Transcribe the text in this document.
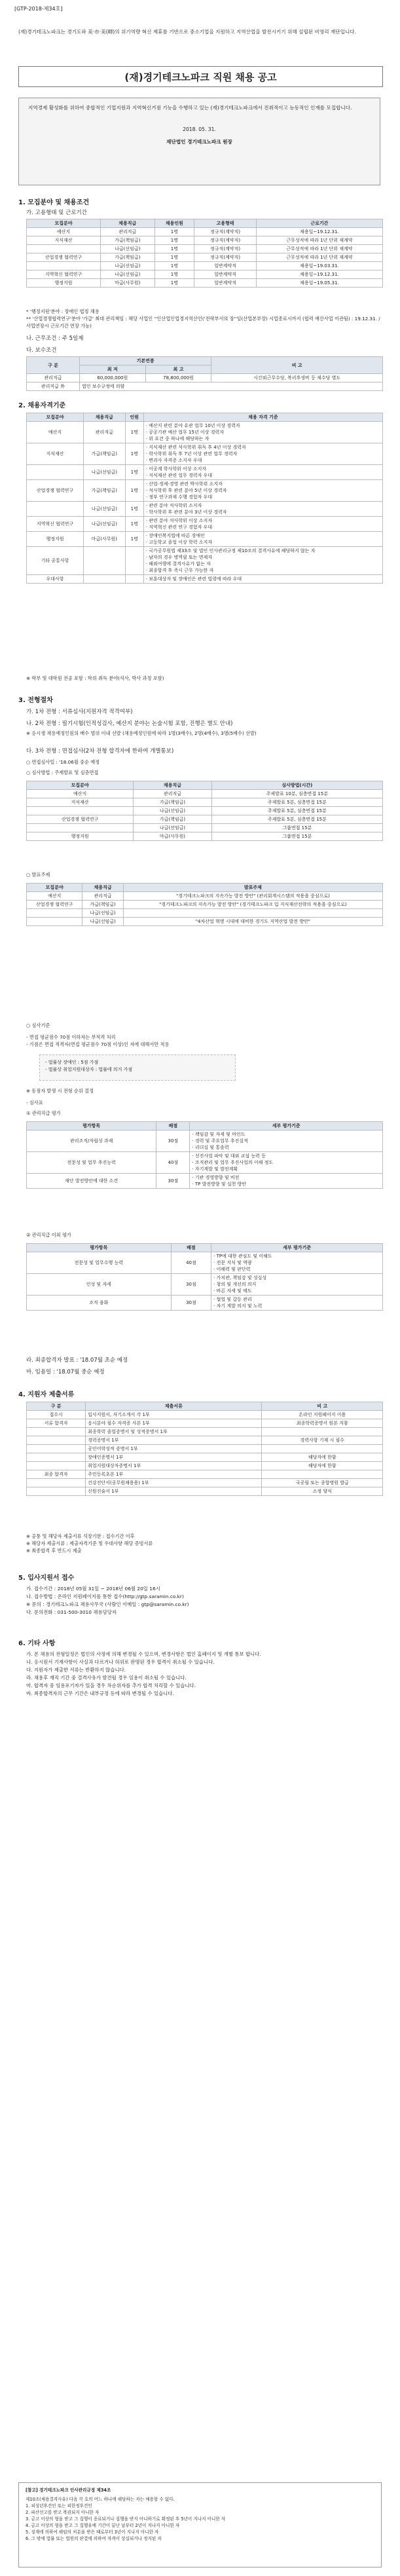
[GTP-2018-제34호]
(재)경기테크노파크는 경기도와 美·市·美(卿)의 위기역량 혁신 제휴를 기반으로 중소기업을 지원하고 지역산업을 발전시키기 위해 설립된 비영리 재단입니다.
(재)경기테크노파크 직원 채용 공고
지역경제 활성화를 위하여 중합적인 기업지원과 지역혁신거점 기능을 수행하고 있는 (재)경기테크노파크에서 진취적이고 능동적인 인재를 모집합니다.
2018. 05. 31.
재단법인 경기테크노파크 원장
1. 모집분야 및 채용조건
가. 고용형태 및 근로기간
모집분야	채용직급	채용인원	고용형태	근로기간
예산지	관리직급	1명	정규직(계약직)	채용일~19.12.31.
지식재산	가급(책임급)	1명	정규직(계약직)	근무성적에 따라 1년 단위 재계약
	나급(선임급)	1명	정규직(계약직)	근무성적에 따라 1년 단위 재계약
산업경쟁 협력연구	가급(책임급)	1명	정규직(계약직)	근무성적에 따라 1년 단위 재계약
	나급(선임급)	1명	일반계약직	채용일~19.03.31.
지역혁신 협력연구	나급(선임급)	1명	일반계약직	채용일~19.12.31.
행정지원	마급(사무원)	1명	일반계약직	채용일~19.05.31.
* '행정지원'분야 : 장애인 법정 채용
** '산업경쟁협력연구'분야 '가급' 최대 관리책임 : 해당 사업인 ''인산업인업경지역산인('전략부서의 장''임(산업본부장) 시업종료시까지 (협력 예산사업 이관됨) : 19.12.31. / 사업연장시 근로기간 연장 가능)
나. 근무조건 : 주 5일제
다. 보수조건
구 분	기본연봉		비 고
	최 저	최 고	
관리직급	60,000,000원	78,800,000원	시간외근무수당, 복리후생비 등 제수당 별도
관리직급 外	법인 보수규정에 의함		
2. 채용자격기준
모집분야	채용직급	인원	채용 자격 기준
예산지	관리직급	1명	· 예산지 관련 분야 유관 업무 10년 이상 경력자
· 공공기관 예산 업무 15년 이상 경력자
· 위 요건 중 하나에 해당하는 자
지식재산	가급(책임급)	1명	· 지식재산 관련 석사학위 취득 후 4년 이상 경력자
· 학사학위 취득 후 7년 이상 관련 업무 경력자
· 변리사 자격증 소지자 우대
	나급(선임급)	1명	· 이공계 학사학위 이상 소지자
· 지식재산 관련 업무 경력자 우대
산업경쟁 협력연구	가급(책임급)	1명	· 산업·경제·경영 관련 박사학위 소지자
· 석사학위 후 관련 분야 5년 이상 경력자
· 정부 연구과제 수행 경험자 우대
	나급(선임급)	1명	· 관련 분야 석사학위 소지자
· 학사학위 후 관련 분야 3년 이상 경력자
지역혁신 협력연구	나급(선임급)	1명	· 관련 분야 석사학위 이상 소지자
· 지역혁신 관련 연구 경험자 우대
행정지원	마급(사무원)	1명	· 장애인복지법에 따른 장애인
· 고등학교 졸업 이상 학력 소지자
기타 공통사항			· 국가공무원법 제33조 및 법인 인사관리규정 제10조의 결격사유에 해당하지 않는 자
· 남자의 경우 병역필 또는 면제자
· 해외여행에 결격사유가 없는 자
· 최종합격 후 즉시 근무 가능한 자
우대사항			· 보훈대상자 및 장애인은 관련 법령에 따라 우대
※ 학부 및 대학원 전공 포함 : 학위 취득 분야(석사, 박사 과정 포함)
3. 전형절차
가. 1차 전형 : 서류심사(지원자격 적격여부)
나. 2차 전형 : 필기시험(인적성검사, 예산지 분야는 논술시험 포함, 진행은 별도 안내)
※ 응시생 채용예정인원의 배수 범위 이내 선발 (채용예정인원에 따라 1명(3배수), 2명(4배수), 3명(5배수) 선발)
다. 3차 전형 : 면접심사(2차 전형 합격자에 한하여 개별통보)
○ 면접심사일 : '18.06월 중순 예정
○ 심사방법 : 주제발표 및 심층면접
모집분야	채용직급	심사방법(시간)
예산지	관리직급	주제발표 10분, 심층면접 15분
지식재산	가급(책임급)	주제발표 5분, 심층면접 15분
	나급(선임급)	주제발표 5분, 심층면접 15분
산업경쟁 협력연구	가급(책임급)	주제발표 5분, 심층면접 15분
	나급(선임급)	그룹면접 15분
행정지원	마급(사무원)	그룹면접 15분
○ 발표주제
모집분야	채용직급	발표주제
예산지	관리직급	"경기테크노파크의 지속가능 발전 방안" (관리회계시스템의 적용을 중심으로)
산업경쟁 협력연구	가급(책임급)	"경기테크노파크의 지속가능 발전 방안" (경기테크노파크 입 지식재산전략의 적용을 중심으로)
	나급(선임급)	
	나급(선임급)	"4차산업 혁명 시대에 대비한 경기도 지역산업 발전 방안"
○ 심사기준
- 면접 평균점수 70점 이하자는 부적격 처리
- 가점은 면접 적격자(면접 평균점수 70점 이상)인 자에 대해서만 적용
- 법률상 장애인 : 5점 가점
- 법률상 취업지원대상자 : 법률에 의거 가점
※ 동점자 발생 시 전형 순위 결정
- 심사표
① 관리직급 평가
평가항목	배점	세부 평가기준
관리조직/자립성 과제	30점	· 책임감 및 자세 및 마인드
· 경력 및 주요업무 추진실적
· 리더십 및 통솔력
전문성 및 업무 추진능력	40점	· 선진사업 파악 및 대외 교섭 능력 등
· 조직관리 및 업무 추진사업의 이해 정도
· 자기계발 및 발전계획
재단 발전방안에 대한 소견	30점	· 기관 경영방향 및 비전
· TP 발전방향 및 실천 방안
② 관리직급 이외 평가
평가항목	배점	세부 평가기준
전문성 및 업무수행 능력	40점	· TP에 대한 관심도 및 이해도
· 전문 지식 및 역량
· 이해력 및 판단력
인성 및 자세	30점	· 가치관, 책임감 및 성실성
· 창의 및 개선의 의지
· 바른 자세 및 태도
조직 융화	30점	· 협업 및 갈등 관리
· 자기 계발 의지 및 노력
라. 최종합격자 발표 : '18.07월 초순 예정
마. 임용일 : '18.07월 중순 예정
4. 지원자 제출서류
구 분	제출서류	비 고
접수시	입사지원서, 자기소개서 각 1부	온라인 지원페이지 이용
서류 합격자	응시분야 필수 자격증 사본 1부	최종학력증명서 원본 지참
	최종학력 졸업증명서 및 성적증명서 1부	
	경력증명서 1부	경력사항 기재 시 필수
	공인어학성적 증명서 1부	
	장애인증명서 1부	해당자에 한함
	취업지원대상자증명서 1부	해당자에 한함
최종 합격자	주민등록초본 1부	
	건강진단서(공무원채용용) 1부	국공립 또는 종합병원 발급
	신원진술서 1부	소정 양식
※ 공통 및 해당자 제출서류 석장기한 : 접수기간 이후
※ 해당자 제출서류 : 제출자격기준 및 우대사항 해당 증빙서류
※ 최종합격 후 반드시 제출
5. 입사지원서 접수
가. 접수기간 : 2018년 05월 31일 ~ 2018년 06월 20일 16시
나. 접수방법 : 온라인 지원페이지를 통한 접수(http://gtp.saramin.co.kr)
※ 문의 : 경기테크노파크 채용사무국 (사람인 이메일 : gtp@saramin.co.kr)
다. 문의전화 : 031-500-3010 채용담당자
6. 기타 사항
가. 본 채용의 전형일정은 법인의 사정에 의해 변경될 수 있으며, 변경사항은 법인 홈페이지 및 개별 통보 합니다.
나. 응시원서 기재사항이 사실과 다르거나 허위로 판명된 경우 합격이 취소될 수 있습니다.
다. 지원자가 제출한 서류는 반환하지 않습니다.
라. 채용후 재직 기간 중 결격사유가 발견될 경우 임용이 취소될 수 있습니다.
마. 합격자 중 임용포기자가 있을 경우 차순위자를 추가 합격 처리할 수 있습니다.
바. 최종합격자의 근무 기간은 내부규정 등에 따라 변경될 수 있습니다.
[참고] 경기테크노파크 인사관리규정 제34조
제10조(채용결격사유) 다음 각 호의 어느 하나에 해당하는 자는 채용할 수 없다.
1. 피성년후견인 또는 피한정후견인
2. 파산선고를 받고 복권되지 아니한 자
3. 금고 이상의 형을 받고 그 집행이 종료되거나 집행을 받지 아니하기로 확정된 후 5년이 지나지 아니한 자
4. 금고 이상의 형을 받고 그 집행유예 기간이 끝난 날부터 2년이 지나지 아니한 자
5. 징계에 의하여 해임의 처분을 받은 때로부터 3년이 지나지 아니한 자
6. 그 밖에 법률 또는 법원의 판결에 의하여 자격이 상실되거나 정지된 자
